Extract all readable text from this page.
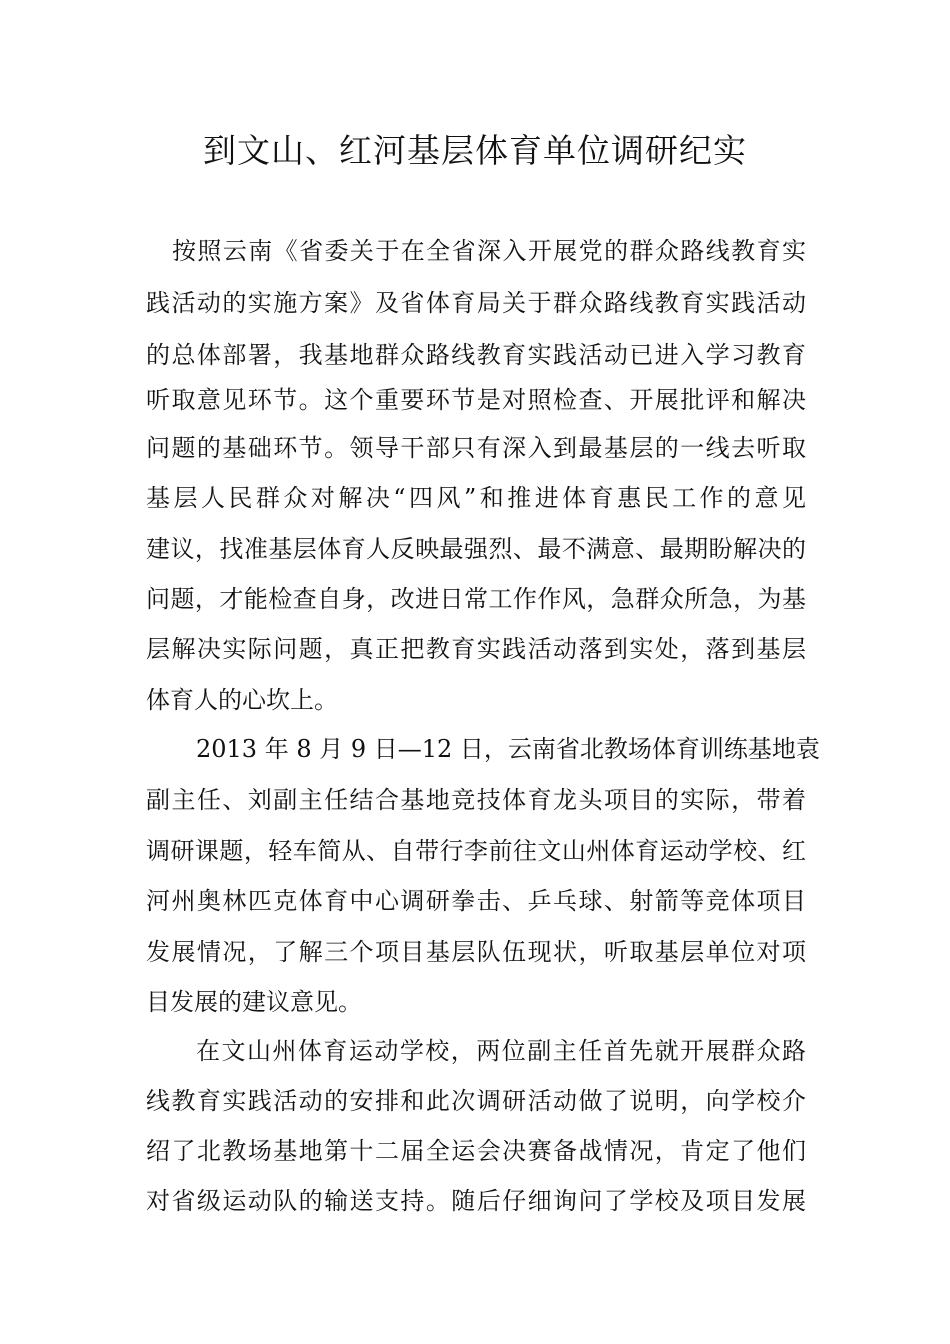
到文山、红河基层体育单位调研纪实

按照云南《省委关于在全省深入开展党的群众路线教育实

践活动的实施方案》及省体育局关于群众路线教育实践活动

的总体部署，我基地群众路线教育实践活动已进入学习教育

听取意见环节。这个重要环节是对照检查、开展批评和解决

问题的基础环节。领导干部只有深入到最基层的一线去听取

基层人民群众对解决“四风”和推进体育惠民工作的意见

建议，找准基层体育人反映最强烈、最不满意、最期盼解决的

问题，才能检查自身，改进日常工作作风，急群众所急，为基

层解决实际问题，真正把教育实践活动落到实处，落到基层

体育人的心坎上。

2013 年 8 月 9 日—12 日，云南省北教场体育训练基地袁

副主任、刘副主任结合基地竞技体育龙头项目的实际，带着

调研课题，轻车简从、自带行李前往文山州体育运动学校、红

河州奥林匹克体育中心调研拳击、乒乓球、射箭等竞体项目

发展情况，了解三个项目基层队伍现状，听取基层单位对项

目发展的建议意见。

在文山州体育运动学校，两位副主任首先就开展群众路

线教育实践活动的安排和此次调研活动做了说明，向学校介

绍了北教场基地第十二届全运会决赛备战情况，肯定了他们

对省级运动队的输送支持。随后仔细询问了学校及项目发展
